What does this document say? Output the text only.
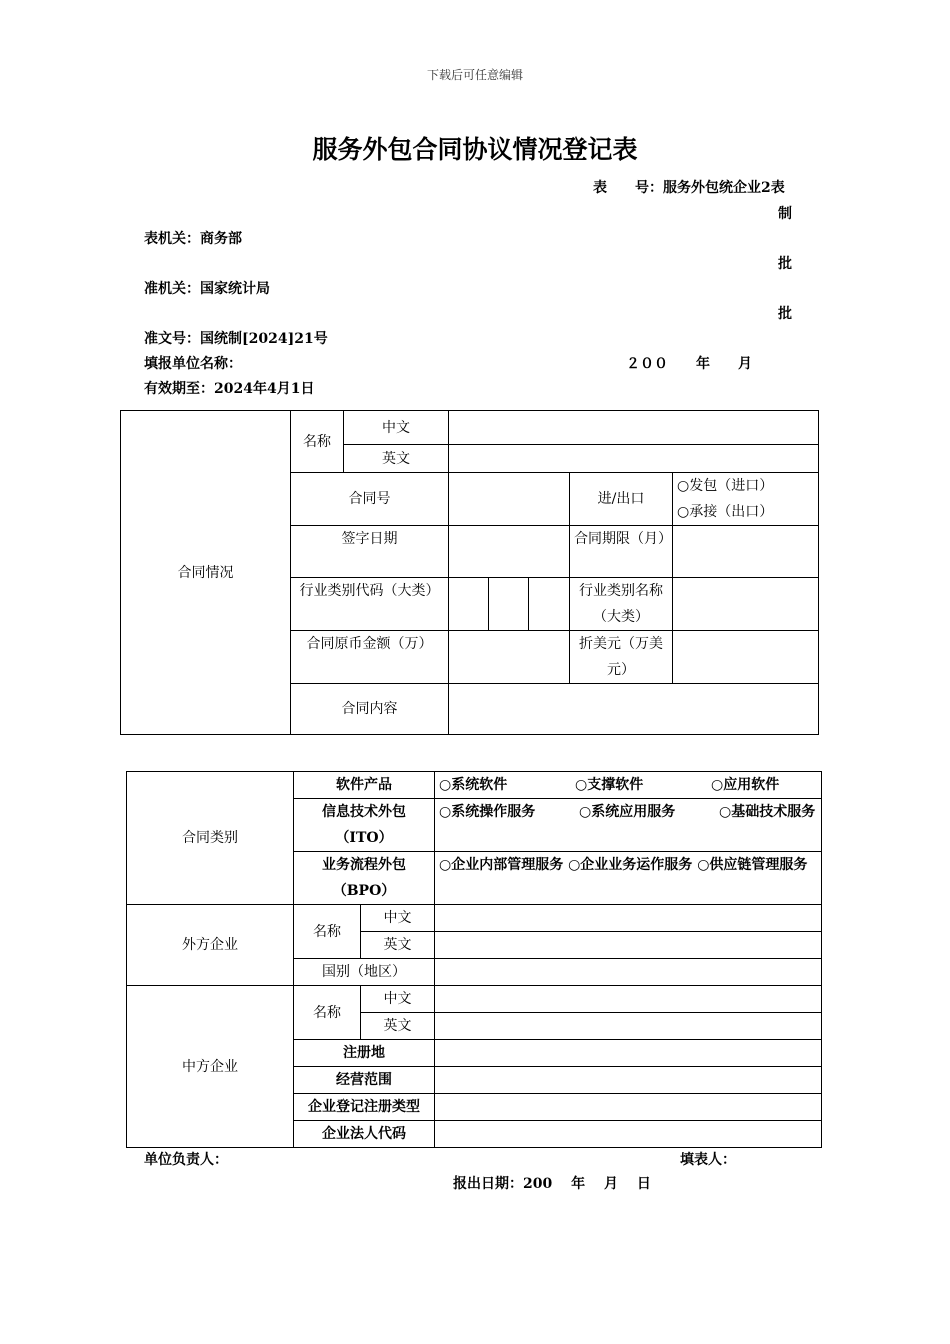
下载后可任意编辑
服务外包合同协议情况登记表
表　　号：服务外包统企业2表
制
表机关：商务部
批
准机关：国家统计局
批
准文号：国统制[2024]21号
填报单位名称：	２００　　年　　月
有效期至：2024年4月1日
合同情况	名称	中文					
		英文					
	合同号					进/出口	○发包（进口）
○承接（出口）

	签字日期					合同期限（月）	
	行业类别代码（大类）					行业类别名称（大类）	
	合同原币金额（万）					折美元（万美元）	
	合同内容						
合同类别	软件产品		○系统软件 ○支撑软件 ○应用软件
	信息技术外包（ITO）		○系统操作服务 ○系统应用服务 ○基础技术服务
	业务流程外包（BPO）		○企业内部管理服务 ○企业业务运作服务 ○供应链管理服务
外方企业	名称	中文	
		英文	
	国别（地区）		
中方企业	名称	中文	
		英文	
	注册地		
	经营范围		
	企业登记注册类型		
	企业法人代码		
单位负责人：	填表人：
报出日期：200　 年　 月　 日
